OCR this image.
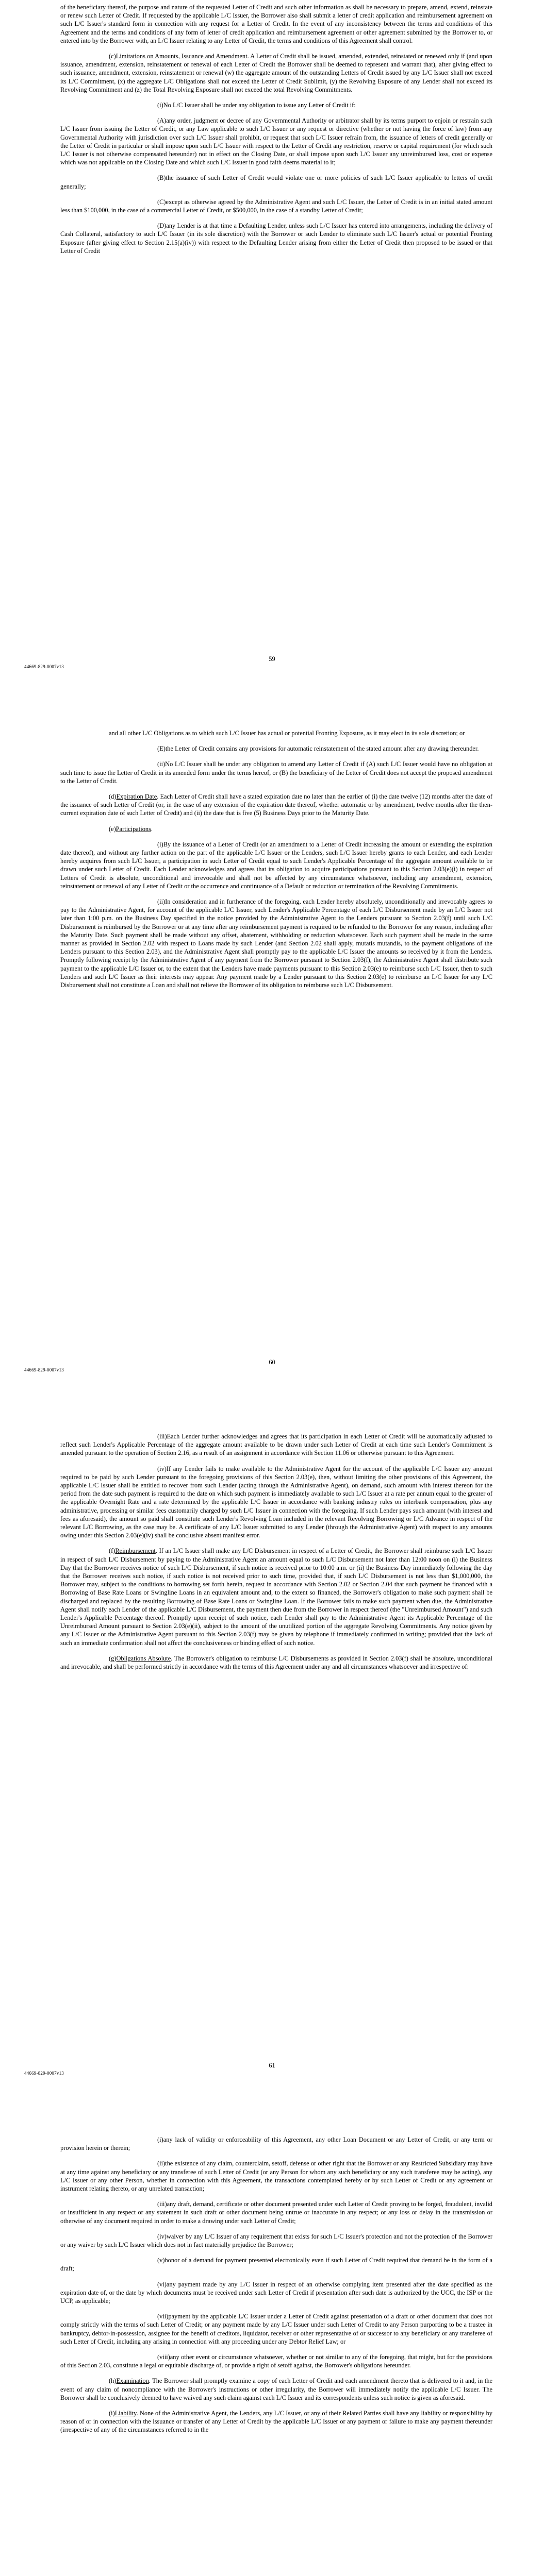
of the beneficiary thereof, the purpose and nature of the requested Letter of Credit and such other information as shall be necessary to prepare, amend, extend, reinstate or renew such Letter of Credit. If requested by the applicable L/C Issuer, the Borrower also shall submit a letter of credit application and reimbursement agreement on such L/C Issuer's standard form in connection with any request for a Letter of Credit. In the event of any inconsistency between the terms and conditions of this Agreement and the terms and conditions of any form of letter of credit application and reimbursement agreement or other agreement submitted by the Borrower to, or entered into by the Borrower with, an L/C Issuer relating to any Letter of Credit, the terms and conditions of this Agreement shall control.

(c)Limitations on Amounts, Issuance and Amendment. A Letter of Credit shall be issued, amended, extended, reinstated or renewed only if (and upon issuance, amendment, extension, reinstatement or renewal of each Letter of Credit the Borrower shall be deemed to represent and warrant that), after giving effect to such issuance, amendment, extension, reinstatement or renewal (w) the aggregate amount of the outstanding Letters of Credit issued by any L/C Issuer shall not exceed its L/C Commitment, (x) the aggregate L/C Obligations shall not exceed the Letter of Credit Sublimit, (y) the Revolving Exposure of any Lender shall not exceed its Revolving Commitment and (z) the Total Revolving Exposure shall not exceed the total Revolving Commitments.

(i)No L/C Issuer shall be under any obligation to issue any Letter of Credit if:

(A)any order, judgment or decree of any Governmental Authority or arbitrator shall by its terms purport to enjoin or restrain such L/C Issuer from issuing the Letter of Credit, or any Law applicable to such L/C Issuer or any request or directive (whether or not having the force of law) from any Governmental Authority with jurisdiction over such L/C Issuer shall prohibit, or request that such L/C Issuer refrain from, the issuance of letters of credit generally or the Letter of Credit in particular or shall impose upon such L/C Issuer with respect to the Letter of Credit any restriction, reserve or capital requirement (for which such L/C Issuer is not otherwise compensated hereunder) not in effect on the Closing Date, or shall impose upon such L/C Issuer any unreimbursed loss, cost or expense which was not applicable on the Closing Date and which such L/C Issuer in good faith deems material to it;

(B)the issuance of such Letter of Credit would violate one or more policies of such L/C Issuer applicable to letters of credit generally;

(C)except as otherwise agreed by the Administrative Agent and such L/C Issuer, the Letter of Credit is in an initial stated amount less than $100,000, in the case of a commercial Letter of Credit, or $500,000, in the case of a standby Letter of Credit;

(D)any Lender is at that time a Defaulting Lender, unless such L/C Issuer has entered into arrangements, including the delivery of Cash Collateral, satisfactory to such L/C Issuer (in its sole discretion) with the Borrower or such Lender to eliminate such L/C Issuer's actual or potential Fronting Exposure (after giving effect to Section 2.15(a)(iv)) with respect to the Defaulting Lender arising from either the Letter of Credit then proposed to be issued or that Letter of Credit

59
44669-829-0007v13

and all other L/C Obligations as to which such L/C Issuer has actual or potential Fronting Exposure, as it may elect in its sole discretion; or

(E)the Letter of Credit contains any provisions for automatic reinstatement of the stated amount after any drawing thereunder.

(ii)No L/C Issuer shall be under any obligation to amend any Letter of Credit if (A) such L/C Issuer would have no obligation at such time to issue the Letter of Credit in its amended form under the terms hereof, or (B) the beneficiary of the Letter of Credit does not accept the proposed amendment to the Letter of Credit.

(d)Expiration Date. Each Letter of Credit shall have a stated expiration date no later than the earlier of (i) the date twelve (12) months after the date of the issuance of such Letter of Credit (or, in the case of any extension of the expiration date thereof, whether automatic or by amendment, twelve months after the then-current expiration date of such Letter of Credit) and (ii) the date that is five (5) Business Days prior to the Maturity Date.

(e)Participations.

(i)By the issuance of a Letter of Credit (or an amendment to a Letter of Credit increasing the amount or extending the expiration date thereof), and without any further action on the part of the applicable L/C Issuer or the Lenders, such L/C Issuer hereby grants to each Lender, and each Lender hereby acquires from such L/C Issuer, a participation in such Letter of Credit equal to such Lender's Applicable Percentage of the aggregate amount available to be drawn under such Letter of Credit. Each Lender acknowledges and agrees that its obligation to acquire participations pursuant to this Section 2.03(e)(i) in respect of Letters of Credit is absolute, unconditional and irrevocable and shall not be affected by any circumstance whatsoever, including any amendment, extension, reinstatement or renewal of any Letter of Credit or the occurrence and continuance of a Default or reduction or termination of the Revolving Commitments.

(ii)In consideration and in furtherance of the foregoing, each Lender hereby absolutely, unconditionally and irrevocably agrees to pay to the Administrative Agent, for account of the applicable L/C Issuer, such Lender's Applicable Percentage of each L/C Disbursement made by an L/C Issuer not later than 1:00 p.m. on the Business Day specified in the notice provided by the Administrative Agent to the Lenders pursuant to Section 2.03(f) until such L/C Disbursement is reimbursed by the Borrower or at any time after any reimbursement payment is required to be refunded to the Borrower for any reason, including after the Maturity Date. Such payment shall be made without any offset, abatement, withholding or reduction whatsoever. Each such payment shall be made in the same manner as provided in Section 2.02 with respect to Loans made by such Lender (and Section 2.02 shall apply, mutatis mutandis, to the payment obligations of the Lenders pursuant to this Section 2.03), and the Administrative Agent shall promptly pay to the applicable L/C Issuer the amounts so received by it from the Lenders. Promptly following receipt by the Administrative Agent of any payment from the Borrower pursuant to Section 2.03(f), the Administrative Agent shall distribute such payment to the applicable L/C Issuer or, to the extent that the Lenders have made payments pursuant to this Section 2.03(e) to reimburse such L/C Issuer, then to such Lenders and such L/C Issuer as their interests may appear. Any payment made by a Lender pursuant to this Section 2.03(e) to reimburse an L/C Issuer for any L/C Disbursement shall not constitute a Loan and shall not relieve the Borrower of its obligation to reimburse such L/C Disbursement.

60
44669-829-0007v13

(iii)Each Lender further acknowledges and agrees that its participation in each Letter of Credit will be automatically adjusted to reflect such Lender's Applicable Percentage of the aggregate amount available to be drawn under such Letter of Credit at each time such Lender's Commitment is amended pursuant to the operation of Section 2.16, as a result of an assignment in accordance with Section 11.06 or otherwise pursuant to this Agreement.

(iv)If any Lender fails to make available to the Administrative Agent for the account of the applicable L/C Issuer any amount required to be paid by such Lender pursuant to the foregoing provisions of this Section 2.03(e), then, without limiting the other provisions of this Agreement, the applicable L/C Issuer shall be entitled to recover from such Lender (acting through the Administrative Agent), on demand, such amount with interest thereon for the period from the date such payment is required to the date on which such payment is immediately available to such L/C Issuer at a rate per annum equal to the greater of the applicable Overnight Rate and a rate determined by the applicable L/C Issuer in accordance with banking industry rules on interbank compensation, plus any administrative, processing or similar fees customarily charged by such L/C Issuer in connection with the foregoing. If such Lender pays such amount (with interest and fees as aforesaid), the amount so paid shall constitute such Lender's Revolving Loan included in the relevant Revolving Borrowing or L/C Advance in respect of the relevant L/C Borrowing, as the case may be. A certificate of any L/C Issuer submitted to any Lender (through the Administrative Agent) with respect to any amounts owing under this Section 2.03(e)(iv) shall be conclusive absent manifest error.

(f)Reimbursement. If an L/C Issuer shall make any L/C Disbursement in respect of a Letter of Credit, the Borrower shall reimburse such L/C Issuer in respect of such L/C Disbursement by paying to the Administrative Agent an amount equal to such L/C Disbursement not later than 12:00 noon on (i) the Business Day that the Borrower receives notice of such L/C Disbursement, if such notice is received prior to 10:00 a.m. or (ii) the Business Day immediately following the day that the Borrower receives such notice, if such notice is not received prior to such time, provided that, if such L/C Disbursement is not less than $1,000,000, the Borrower may, subject to the conditions to borrowing set forth herein, request in accordance with Section 2.02 or Section 2.04 that such payment be financed with a Borrowing of Base Rate Loans or Swingline Loans in an equivalent amount and, to the extent so financed, the Borrower's obligation to make such payment shall be discharged and replaced by the resulting Borrowing of Base Rate Loans or Swingline Loan. If the Borrower fails to make such payment when due, the Administrative Agent shall notify each Lender of the applicable L/C Disbursement, the payment then due from the Borrower in respect thereof (the "Unreimbursed Amount") and such Lender's Applicable Percentage thereof. Promptly upon receipt of such notice, each Lender shall pay to the Administrative Agent its Applicable Percentage of the Unreimbursed Amount pursuant to Section 2.03(e)(ii), subject to the amount of the unutilized portion of the aggregate Revolving Commitments. Any notice given by any L/C Issuer or the Administrative Agent pursuant to this Section 2.03(f) may be given by telephone if immediately confirmed in writing; provided that the lack of such an immediate confirmation shall not affect the conclusiveness or binding effect of such notice.

(g)Obligations Absolute. The Borrower's obligation to reimburse L/C Disbursements as provided in Section 2.03(f) shall be absolute, unconditional and irrevocable, and shall be performed strictly in accordance with the terms of this Agreement under any and all circumstances whatsoever and irrespective of:

61
44669-829-0007v13

(i)any lack of validity or enforceability of this Agreement, any other Loan Document or any Letter of Credit, or any term or provision herein or therein;

(ii)the existence of any claim, counterclaim, setoff, defense or other right that the Borrower or any Restricted Subsidiary may have at any time against any beneficiary or any transferee of such Letter of Credit (or any Person for whom any such beneficiary or any such transferee may be acting), any L/C Issuer or any other Person, whether in connection with this Agreement, the transactions contemplated hereby or by such Letter of Credit or any agreement or instrument relating thereto, or any unrelated transaction;

(iii)any draft, demand, certificate or other document presented under such Letter of Credit proving to be forged, fraudulent, invalid or insufficient in any respect or any statement in such draft or other document being untrue or inaccurate in any respect; or any loss or delay in the transmission or otherwise of any document required in order to make a drawing under such Letter of Credit;

(iv)waiver by any L/C Issuer of any requirement that exists for such L/C Issuer's protection and not the protection of the Borrower or any waiver by such L/C Issuer which does not in fact materially prejudice the Borrower;

(v)honor of a demand for payment presented electronically even if such Letter of Credit required that demand be in the form of a draft;

(vi)any payment made by any L/C Issuer in respect of an otherwise complying item presented after the date specified as the expiration date of, or the date by which documents must be received under such Letter of Credit if presentation after such date is authorized by the UCC, the ISP or the UCP, as applicable;

(vii)payment by the applicable L/C Issuer under a Letter of Credit against presentation of a draft or other document that does not comply strictly with the terms of such Letter of Credit; or any payment made by any L/C Issuer under such Letter of Credit to any Person purporting to be a trustee in bankruptcy, debtor-in-possession, assignee for the benefit of creditors, liquidator, receiver or other representative of or successor to any beneficiary or any transferee of such Letter of Credit, including any arising in connection with any proceeding under any Debtor Relief Law; or

(viii)any other event or circumstance whatsoever, whether or not similar to any of the foregoing, that might, but for the provisions of this Section 2.03, constitute a legal or equitable discharge of, or provide a right of setoff against, the Borrower's obligations hereunder.

(h)Examination. The Borrower shall promptly examine a copy of each Letter of Credit and each amendment thereto that is delivered to it and, in the event of any claim of noncompliance with the Borrower's instructions or other irregularity, the Borrower will immediately notify the applicable L/C Issuer. The Borrower shall be conclusively deemed to have waived any such claim against each L/C Issuer and its correspondents unless such notice is given as aforesaid.

(i)Liability. None of the Administrative Agent, the Lenders, any L/C Issuer, or any of their Related Parties shall have any liability or responsibility by reason of or in connection with the issuance or transfer of any Letter of Credit by the applicable L/C Issuer or any payment or failure to make any payment thereunder (irrespective of any of the circumstances referred to in the
